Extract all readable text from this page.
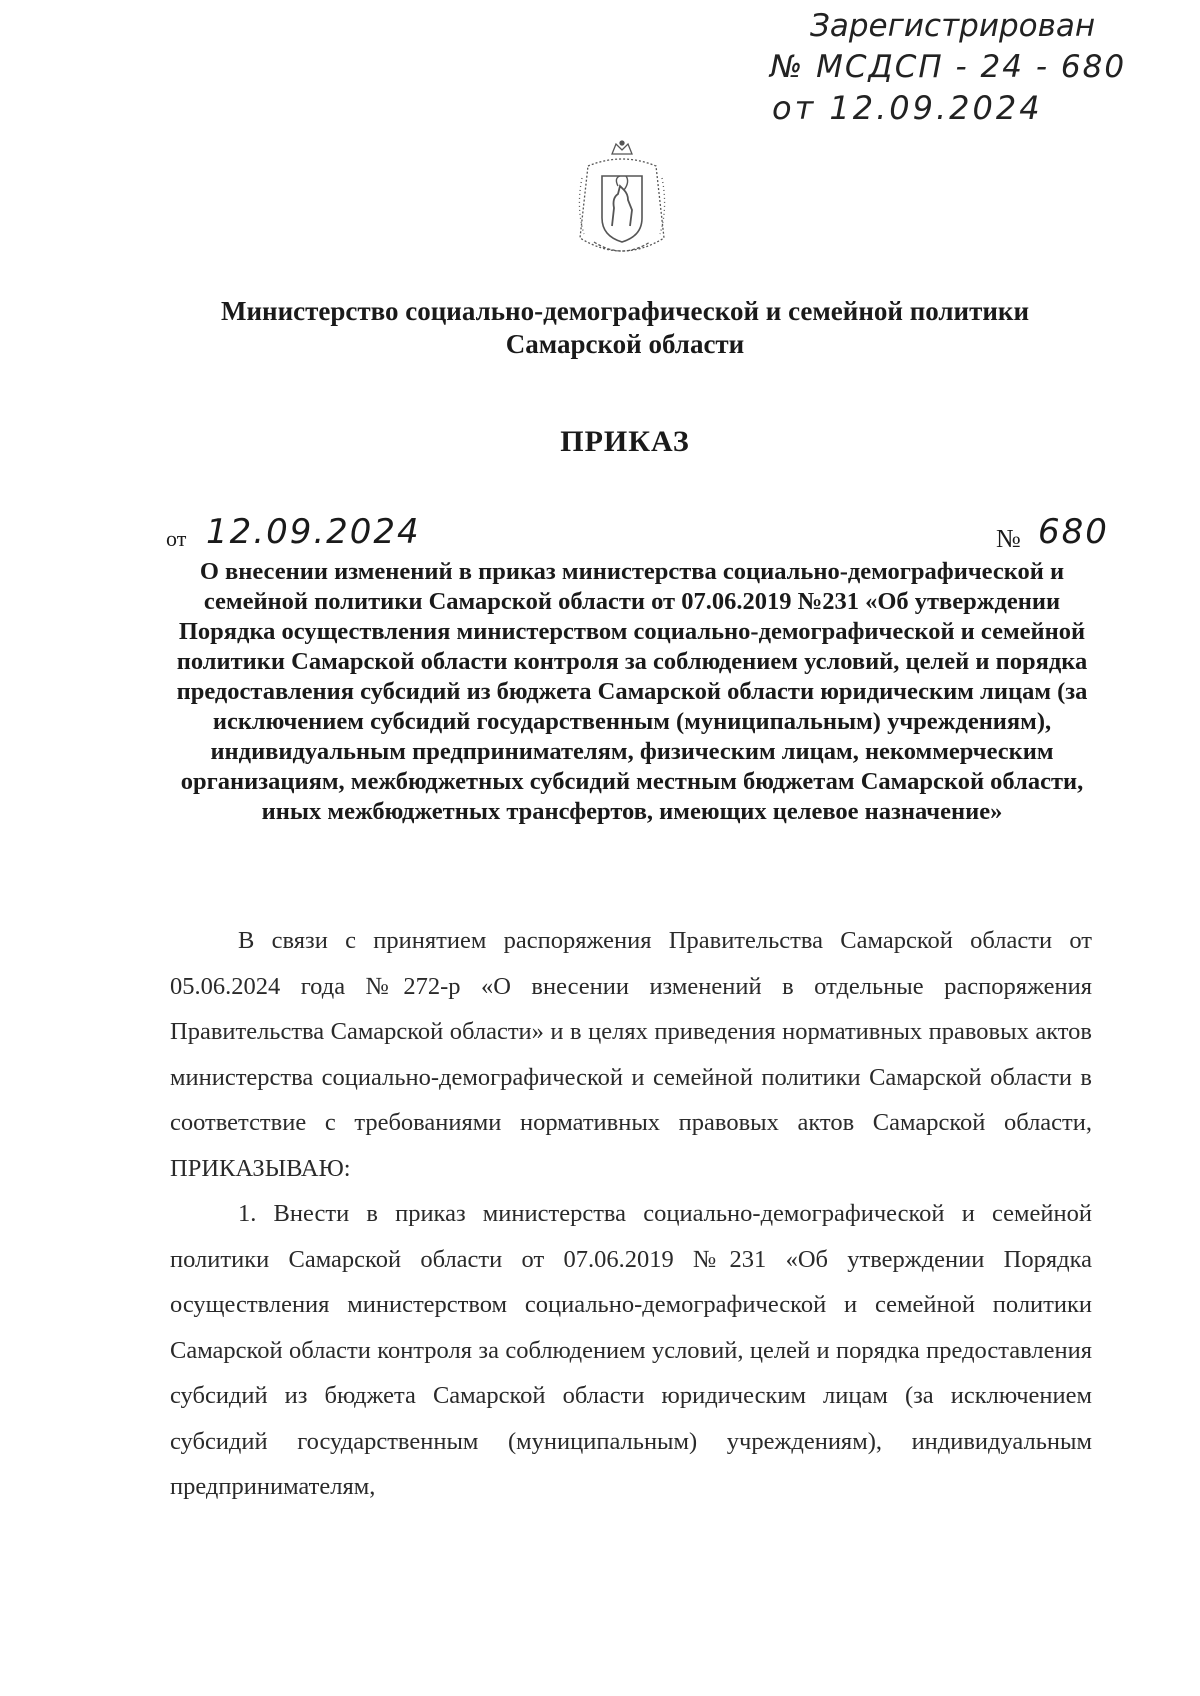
Зарегистрирован
№ МСДСП - 24 - 680
от 12.09.2024
Министерство социально-демографической и семейной политики
Самарской области
ПРИКАЗ
от 12.09.2024	№ 680
О внесении изменений в приказ министерства социально-демографической и семейной политики Самарской области от 07.06.2019 №231 «Об утверждении Порядка осуществления министерством социально-демографической и семейной политики Самарской области контроля за соблюдением условий, целей и порядка предоставления субсидий из бюджета Самарской области юридическим лицам (за исключением субсидий государственным (муниципальным) учреждениям), индивидуальным предпринимателям, физическим лицам, некоммерческим организациям, межбюджетных субсидий местным бюджетам Самарской области, иных межбюджетных трансфертов, имеющих целевое назначение»

В связи с принятием распоряжения Правительства Самарской области от 05.06.2024 года №272-р «О внесении изменений в отдельные распоряжения Правительства Самарской области» и в целях приведения нормативных правовых актов министерства социально-демографической и семейной политики Самарской области в соответствие с требованиями нормативных правовых актов Самарской области, ПРИКАЗЫВАЮ:

1. Внести в приказ министерства социально-демографической и семейной политики Самарской области от 07.06.2019 №231 «Об утверждении Порядка осуществления министерством социально-демографической и семейной политики Самарской области контроля за соблюдением условий, целей и порядка предоставления субсидий из бюджета Самарской области юридическим лицам (за исключением субсидий государственным (муниципальным) учреждениям), индивидуальным предпринимателям,
